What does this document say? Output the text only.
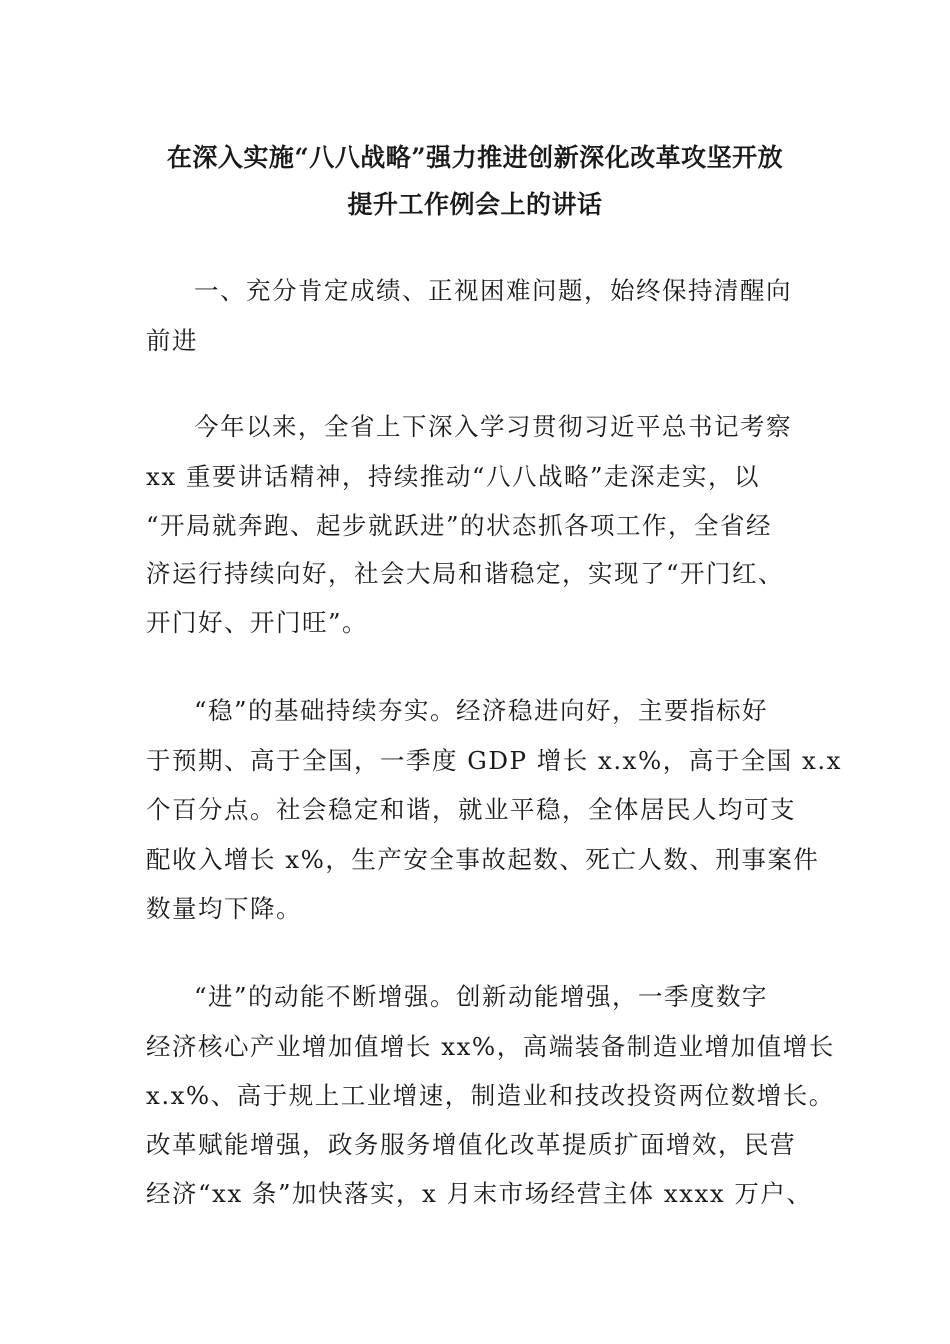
在深入实施“八八战略”强力推进创新深化改革攻坚开放
提升工作例会上的讲话
一、充分肯定成绩、正视困难问题，始终保持清醒向
前进
今年以来，全省上下深入学习贯彻习近平总书记考察
xx 重要讲话精神，持续推动“八八战略”走深走实，以
“开局就奔跑、起步就跃进”的状态抓各项工作，全省经
济运行持续向好，社会大局和谐稳定，实现了“开门红、
开门好、开门旺”。
“稳”的基础持续夯实。经济稳进向好，主要指标好
于预期、高于全国，一季度 GDP 增长 x.x%，高于全国 x.x
个百分点。社会稳定和谐，就业平稳，全体居民人均可支
配收入增长 x%，生产安全事故起数、死亡人数、刑事案件
数量均下降。
“进”的动能不断增强。创新动能增强，一季度数字
经济核心产业增加值增长 xx%，高端装备制造业增加值增长
x.x%、高于规上工业增速，制造业和技改投资两位数增长。
改革赋能增强，政务服务增值化改革提质扩面增效，民营
经济“xx 条”加快落实，x 月末市场经营主体 xxxx 万户、
